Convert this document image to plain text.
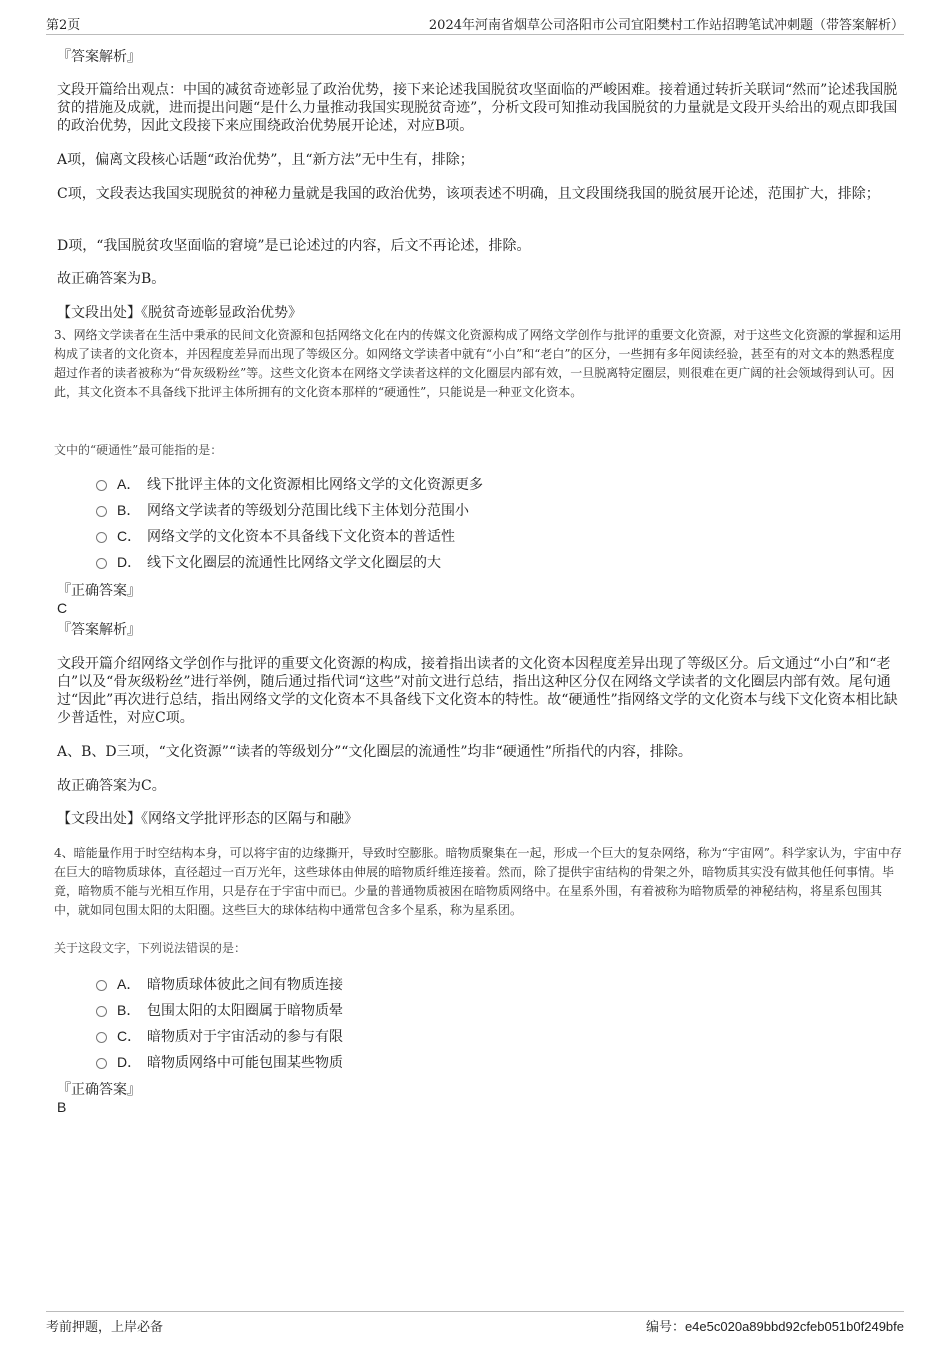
第2页	2024年河南省烟草公司洛阳市公司宜阳樊村工作站招聘笔试冲刺题（带答案解析）
『答案解析』
文段开篇给出观点：中国的减贫奇迹彰显了政治优势，接下来论述我国脱贫攻坚面临的严峻困难。接着通过转折关联词“然而”论述我国脱贫的措施及成就，进而提出问题“是什么力量推动我国实现脱贫奇迹”，分析文段可知推动我国脱贫的力量就是文段开头给出的观点即我国的政治优势，因此文段接下来应围绕政治优势展开论述，对应B项。
A项，偏离文段核心话题“政治优势”，且“新方法”无中生有，排除；
C项，文段表达我国实现脱贫的神秘力量就是我国的政治优势，该项表述不明确，且文段围绕我国的脱贫展开论述，范围扩大，排除；
D项，“我国脱贫攻坚面临的窘境”是已论述过的内容，后文不再论述，排除。
故正确答案为B。
【文段出处】《脱贫奇迹彰显政治优势》
3、网络文学读者在生活中秉承的民间文化资源和包括网络文化在内的传媒文化资源构成了网络文学创作与批评的重要文化资源，对于这些文化资源的掌握和运用构成了读者的文化资本，并因程度差异而出现了等级区分。如网络文学读者中就有“小白”和“老白”的区分，一些拥有多年阅读经验，甚至有的对文本的熟悉程度超过作者的读者被称为“骨灰级粉丝”等。这些文化资本在网络文学读者这样的文化圈层内部有效，一旦脱离特定圈层，则很难在更广阔的社会领域得到认可。因此，其文化资本不具备线下批评主体所拥有的文化资本那样的“硬通性”，只能说是一种亚文化资本。
文中的“硬通性”最可能指的是：
A． 线下批评主体的文化资源相比网络文学的文化资源更多
B． 网络文学读者的等级划分范围比线下主体划分范围小
C． 网络文学的文化资本不具备线下文化资本的普适性
D． 线下文化圈层的流通性比网络文学文化圈层的大
『正确答案』
C
『答案解析』
文段开篇介绍网络文学创作与批评的重要文化资源的构成，接着指出读者的文化资本因程度差异出现了等级区分。后文通过“小白”和“老白”以及“骨灰级粉丝”进行举例，随后通过指代词“这些”对前文进行总结，指出这种区分仅在网络文学读者的文化圈层内部有效。尾句通过“因此”再次进行总结，指出网络文学的文化资本不具备线下文化资本的特性。故“硬通性”指网络文学的文化资本与线下文化资本相比缺少普适性，对应C项。
A、B、D三项，“文化资源”“读者的等级划分”“文化圈层的流通性”均非“硬通性”所指代的内容，排除。
故正确答案为C。
【文段出处】《网络文学批评形态的区隔与和融》
4、暗能量作用于时空结构本身，可以将宇宙的边缘撕开，导致时空膨胀。暗物质聚集在一起，形成一个巨大的复杂网络，称为“宇宙网”。科学家认为，宇宙中存在巨大的暗物质球体，直径超过一百万光年，这些球体由伸展的暗物质纤维连接着。然而，除了提供宇宙结构的骨架之外，暗物质其实没有做其他任何事情。毕竟，暗物质不能与光相互作用，只是存在于宇宙中而已。少量的普通物质被困在暗物质网络中。在星系外围，有着被称为暗物质晕的神秘结构，将星系包围其中，就如同包围太阳的太阳圈。这些巨大的球体结构中通常包含多个星系，称为星系团。
关于这段文字，下列说法错误的是：
A． 暗物质球体彼此之间有物质连接
B． 包围太阳的太阳圈属于暗物质晕
C． 暗物质对于宇宙活动的参与有限
D． 暗物质网络中可能包围某些物质
『正确答案』
B
考前押题，上岸必备	编号：e4e5c020a89bbd92cfeb051b0f249bfe
